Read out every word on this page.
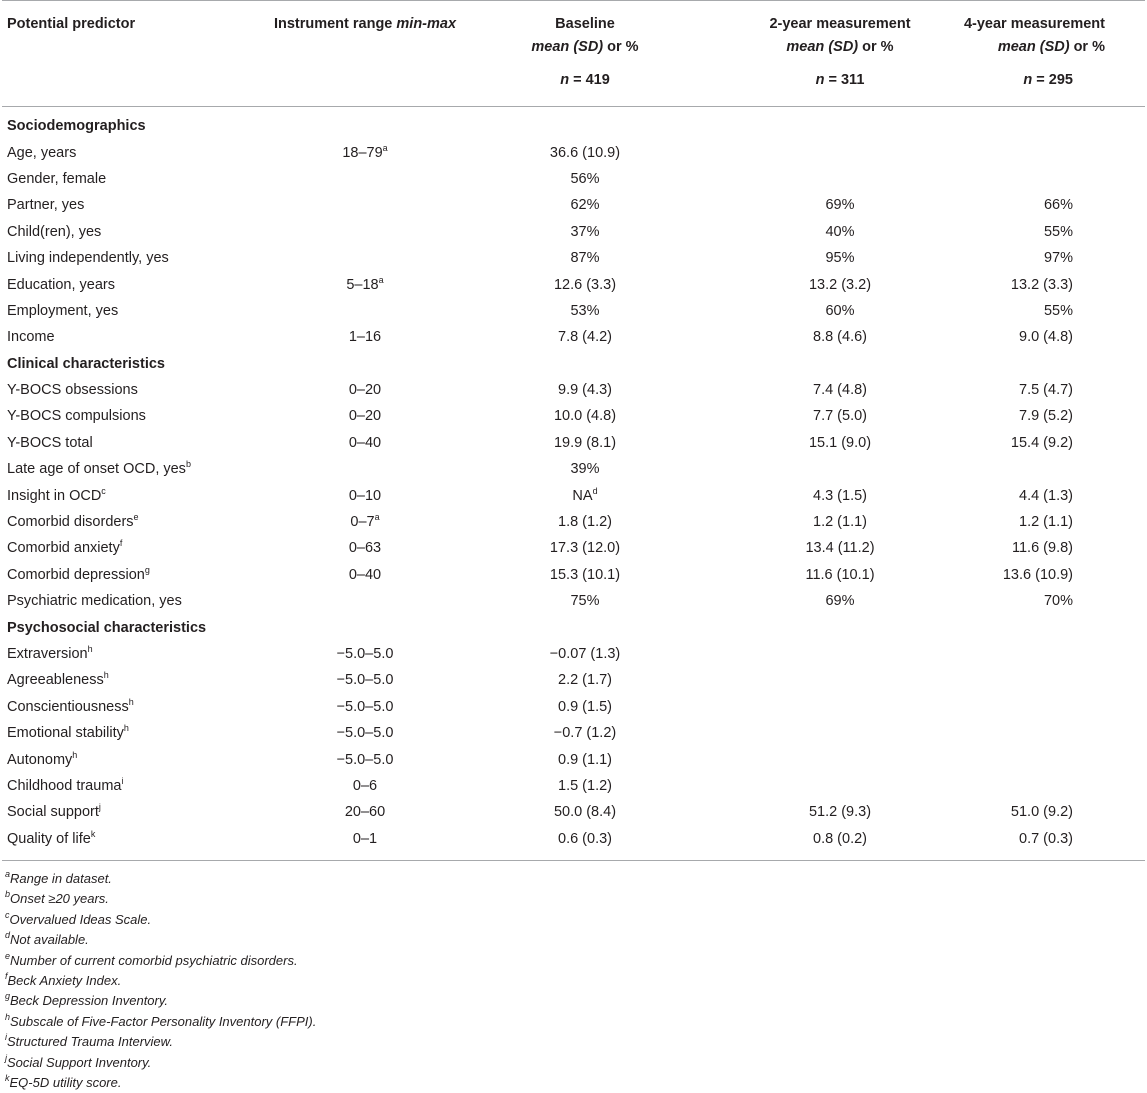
Potential predictor	Instrument range min-max	Baseline	2-year measurement	4-year measurement
		mean (SD) or %	mean (SD) or %	mean (SD) or %
		n = 419	n = 311	n = 295
Sociodemographics				
Age, years	18–79$^a$	36.6 (10.9)		
Gender, female		56%		
Partner, yes		62%	69%	66%
Child(ren), yes		37%	40%	55%
Living independently, yes		87%	95%	97%
Education, years	5–18$^a$	12.6 (3.3)	13.2 (3.2)	13.2 (3.3)
Employment, yes		53%	60%	55%
Income	1–16	7.8 (4.2)	8.8 (4.6)	9.0 (4.8)
Clinical characteristics				
Y-BOCS obsessions	0–20	9.9 (4.3)	7.4 (4.8)	7.5 (4.7)
Y-BOCS compulsions	0–20	10.0 (4.8)	7.7 (5.0)	7.9 (5.2)
Y-BOCS total	0–40	19.9 (8.1)	15.1 (9.0)	15.4 (9.2)
Late age of onset OCD, yes$^b$		39%		
Insight in OCD$^c$	0–10	$NA^d$	4.3 (1.5)	4.4 (1.3)
Comorbid disorders$^e$	0–7$^a$	1.8 (1.2)	1.2 (1.1)	1.2 (1.1)
Comorbid anxiety$^f$	0–63	17.3 (12.0)	13.4 (11.2)	11.6 (9.8)
Comorbid depression$^g$	0–40	15.3 (10.1)	11.6 (10.1)	13.6 (10.9)
Psychiatric medication, yes		75%	69%	70%
Psychosocial characteristics				
Extraversion$^h$	−5.0–5.0	−0.07 (1.3)		
Agreeableness$^h$	−5.0–5.0	2.2 (1.7)		
Conscientiousness$^h$	−5.0–5.0	0.9 (1.5)		
Emotional stability$^h$	−5.0–5.0	−0.7 (1.2)		
Autonomy$^h$	−5.0–5.0	0.9 (1.1)		
Childhood trauma$^i$	0–6	1.5 (1.2)		
Social support$^j$	20–60	50.0 (8.4)	51.2 (9.3)	51.0 (9.2)
Quality of life$^k$	0–1	0.6 (0.3)	0.8 (0.2)	0.7 (0.3)
$^a$Range in dataset.
$^b$Onset ≥20 years.
$^c$Overvalued Ideas Scale.
$^d$Not available.
$^e$Number of current comorbid psychiatric disorders.
$^f$Beck Anxiety Index.
$^g$Beck Depression Inventory.
$^h$Subscale of Five-Factor Personality Inventory (FFPI).
$^i$Structured Trauma Interview.
$^j$Social Support Inventory.
$^k$EQ-5D utility score.
